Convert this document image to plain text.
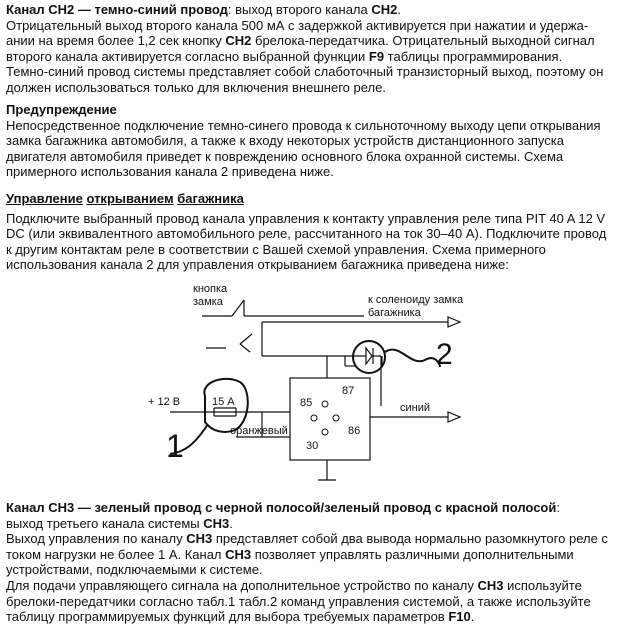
Канал CH2 — темно-синий провод: выход второго канала CH2.

Отрицательный выход второго канала 500 мА с задержкой активируется при нажатии и удержа-ании на время более 1,2 сек кнопку CH2 брелока-передатчика. Отрицательный выходной сигнал второго канала активируется согласно выбранной функции F9 таблицы программирования.

Темно-синий провод системы представляет собой слаботочный транзисторный выход, поэтому он должен использоваться только для включения внешнего реле.

Предупреждение

Непосредственное подключение темно-синего провода к сильноточному выходу цепи открывания замка багажника автомобиля, а также к входу некоторых устройств дистанционного запуска двигателя автомобиля приведет к повреждению основного блока охранной системы. Схема примерного использования канала 2 приведена ниже.

Управление открыванием багажника

Подключите выбранный провод канала управления к контакту управления реле типа PIT 40 A 12 V DC (или эквивалентного автомобильного реле, рассчитанного на ток 30–40 A). Подключите провод к другим контактам реле в соответствии с Вашей схемой управления. Схема примерного использования канала 2 для управления открыванием багажника приведена ниже:

Канал CH3 — зеленый провод с черной полосой/зеленый провод с красной полосой:

выход третьего канала системы CH3.

Выход управления по каналу CH3 представляет собой два вывода нормально разомкнутого реле с током нагрузки не более 1 А. Канал CH3 позволяет управлять различными дополнительными устройствами, подключаемыми к системе.

Для подачи управляющего сигнала на дополнительное устройство по каналу CH3 используйте брелоки-передатчики согласно табл.1 табл.2 команд управления системой, а также используйте таблицу программируемых функций для выбора требуемых параметров F10.

кнопка
замка	к соленоиду замка
багажника
2
87
85
86
30
+ 12 В	15 А
1	оранжевый
синий
